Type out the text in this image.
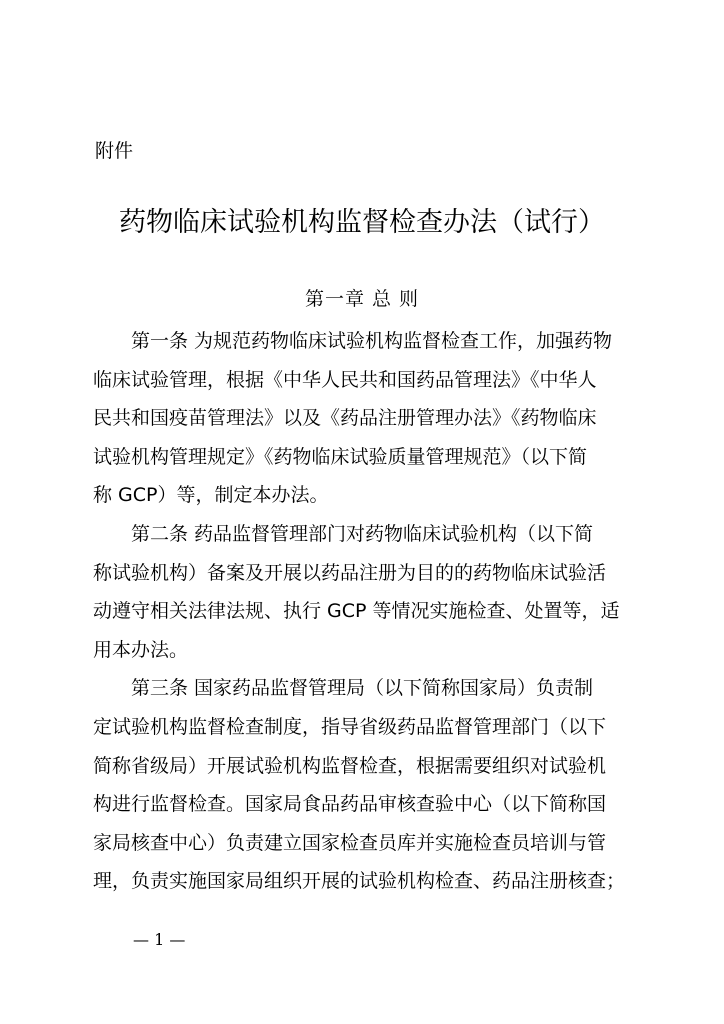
附件
药物临床试验机构监督检查办法（试行）
第一章 总 则

第一条 为规范药物临床试验机构监督检查工作，加强药物
临床试验管理，根据《中华人民共和国药品管理法》《中华人
民共和国疫苗管理法》以及《药品注册管理办法》《药物临床
试验机构管理规定》《药物临床试验质量管理规范》（以下简
称 GCP）等，制定本办法。

第二条 药品监督管理部门对药物临床试验机构（以下简
称试验机构）备案及开展以药品注册为目的的药物临床试验活
动遵守相关法律法规、执行 GCP 等情况实施检查、处置等，适
用本办法。

第三条 国家药品监督管理局（以下简称国家局）负责制
定试验机构监督检查制度，指导省级药品监督管理部门（以下
简称省级局）开展试验机构监督检查，根据需要组织对试验机
构进行监督检查。国家局食品药品审核查验中心（以下简称国
家局核查中心）负责建立国家检查员库并实施检查员培训与管
理，负责实施国家局组织开展的试验机构检查、药品注册核查；

— 1 —
